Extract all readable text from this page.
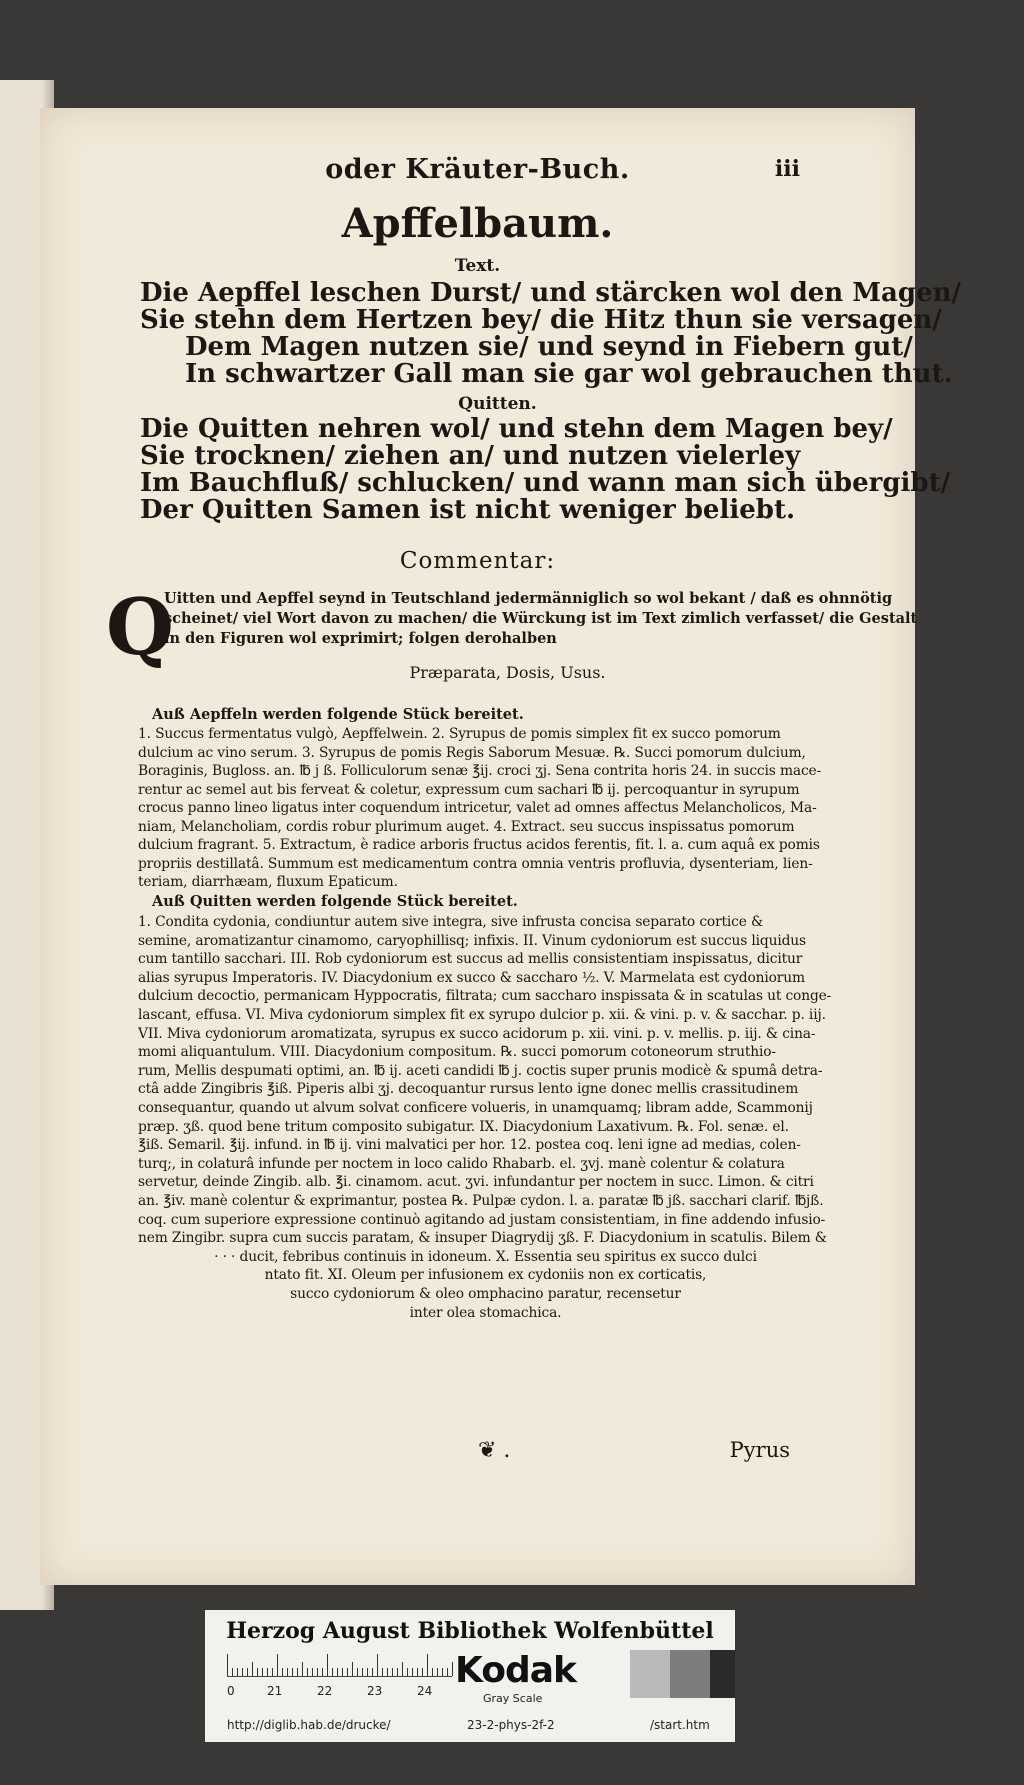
oder Kräuter-Buch.	iii
Apffelbaum.
Text.
Die Aepffel leschen Durst/ und stärcken wol den Magen/
Sie stehn dem Hertzen bey/ die Hitz thun sie versagen/
Dem Magen nutzen sie/ und seynd in Fiebern gut/
In schwartzer Gall man sie gar wol gebrauchen thut.
Quitten.
Die Quitten nehren wol/ und stehn dem Magen bey/
Sie trocknen/ ziehen an/ und nutzen vielerley
Im Bauchfluß/ schlucken/ und wann man sich übergibt/
Der Quitten Samen ist nicht weniger beliebt.
Commentar:
Q
Uitten und Aepffel seynd in Teutschland jedermänniglich so wol bekant / daß es ohnnötig
scheinet/ viel Wort davon zu machen/ die Würckung ist im Text zimlich verfasset/ die Gestalt
in den Figuren wol exprimirt; folgen derohalben
Præparata, Dosis, Usus.
Auß Aepffeln werden folgende Stück bereitet.
1. Succus fermentatus vulgò, Aepffelwein. 2. Syrupus de pomis simplex fit ex succo pomorum
dulcium ac vino serum. 3. Syrupus de pomis Regis Saborum Mesuæ. ℞. Succi pomorum dulcium,
Boraginis, Buglоss. an. ℔ j ß. Folliculorum senæ ℥ij. croci ʒj. Sena contrita horis 24. in succis mace-
rentur ac semel aut bis ferveat & coletur, expressum cum sachari ℔ ij. percoquantur in syrupum
crocus panno lineo ligatus inter coquendum intricetur, valet ad omnes affectus Melancholicos, Ma-
niam, Melancholiam, cordis robur plurimum auget. 4. Extract. seu succus inspissatus pomorum
dulcium fragrant. 5. Extractum, è radice arboris fructus acidos ferentis, fit. l. a. cum aquâ ex pomis
propriis destillatâ. Summum est medicamentum contra omnia ventris profluvia, dysenteriam, lien-
teriam, diarrhæam, fluxum Epaticum.
Auß Quitten werden folgende Stück bereitet.
1. Condita cydonia, condiuntur autem sive integra, sive infrusta concisa separato cortice &
semine, aromatizantur cinamomo, caryophillisq; infixis. II. Vinum cydoniorum est succus liquidus
cum tantillo sacchari. III. Rob cydoniorum est succus ad mellis consistentiam inspissatus, dicitur
alias syrupus Imperatoris. IV. Diacydonium ex succo & saccharo ½. V. Marmelata est cydoniorum
dulcium decoctio, permanicam Hyppocratis, filtrata; cum saccharo inspissata & in scatulas ut conge-
lascant, effusa. VI. Miva cydoniorum simplex fit ex syrupo dulcior p. xii. & vini. p. v. & sacchar. p. iij.
VII. Miva cydoniorum aromatizata, syrupus ex succo acidorum p. xii. vini. p. v. mellis. p. iij. & cina-
momi aliquantulum. VIII. Diacydonium compositum. ℞. succi pomorum cotoneorum struthio-
rum, Mellis despumati optimi, an. ℔ ij. aceti candidi ℔ j. coctis super prunis modicè & spumâ detra-
ctâ adde Zingibris ℥iß. Piperis albi ʒj. decoquantur rursus lento igne donec mellis crassitudinem
consequantur, quando ut alvum solvat conficere volueris, in unamquamq; libram adde, Scammonij
præp. ʒß. quod bene tritum composito subigatur. IX. Diacydonium Laxativum. ℞. Fol. senæ. el.
℥iß. Semaril. ℥ij. infund. in ℔ ij. vini malvatici per hor. 12. postea coq. leni igne ad medias, colen-
turq;, in colaturâ infunde per noctem in loco calido Rhabarb. el. ʒvj. manè colentur & colatura
servetur, deinde Zingib. alb. ℥i. cinamom. acut. ʒvi. infundantur per noctem in succ. Limon. & citri
an. ℥iv. manè colentur & exprimantur, postea ℞. Pulpæ cydon. l. a. paratæ ℔ jß. sacchari clarif. ℔jß.
coq. cum superiore expressione continuò agitando ad justam consistentiam, in fine addendo infusio-
nem Zingibr. supra cum succis paratam, & insuper Diagrydij ʒß. F. Diacydonium in scatulis. Bilem &
· · · ducit, febribus continuis in idoneum. X. Essentia seu spiritus ex succo dulci
ntato fit. XI. Oleum per infusionem ex cydoniis non ex corticatis,
succo cydoniorum & oleo omphacino paratur, recensetur
inter olea stomachica.
❦ .	Pyrus
Herzog August Bibliothek Wolfenbüttel
0	21	22	23	24 Kodak
Gray Scale
http://diglib.hab.de/drucke/	23-2-phys-2f-2	/start.htm
